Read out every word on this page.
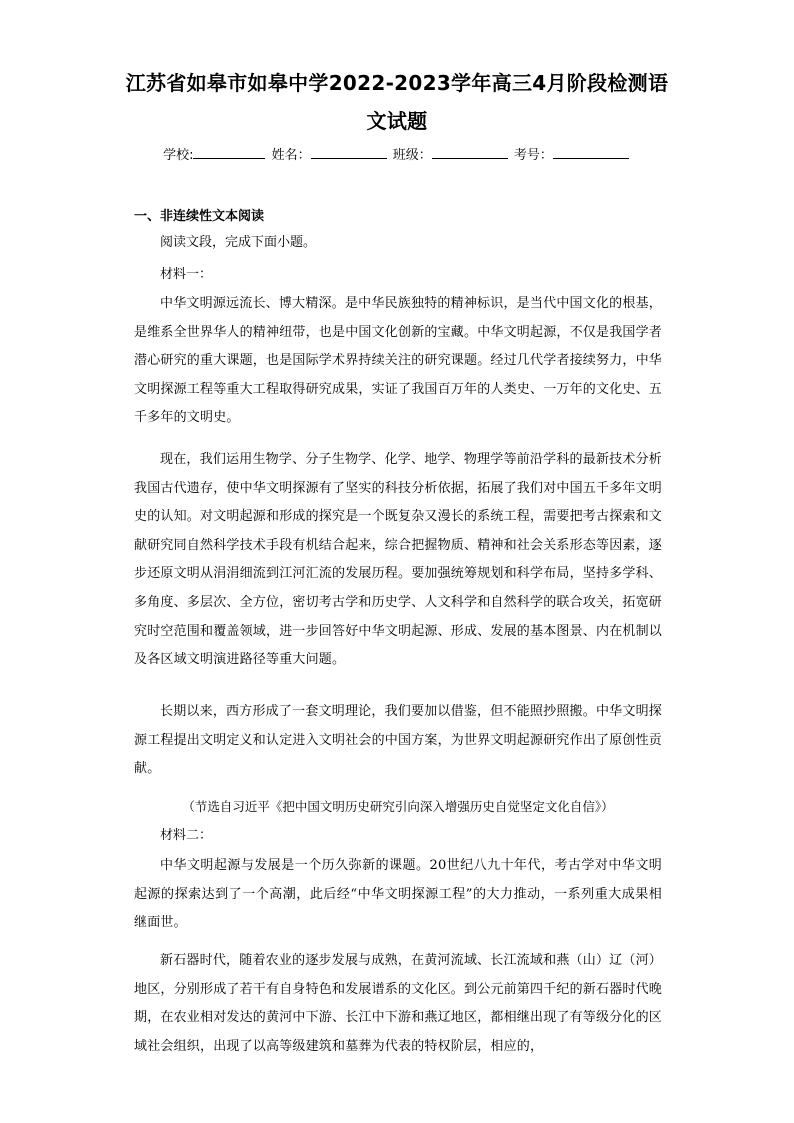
江苏省如皋市如皋中学2022-2023学年高三4月阶段检测语
文试题
学校:	姓名：	班级：	考号：
一、非连续性文本阅读
阅读文段，完成下面小题。
材料一：
中华文明源远流长、博大精深。是中华民族独特的精神标识，是当代中国文化的根基，是维系全世界华人的精神纽带，也是中国文化创新的宝藏。中华文明起源，不仅是我国学者潜心研究的重大课题，也是国际学术界持续关注的研究课题。经过几代学者接续努力，中华文明探源工程等重大工程取得研究成果，实证了我国百万年的人类史、一万年的文化史、五千多年的文明史。
现在，我们运用生物学、分子生物学、化学、地学、物理学等前沿学科的最新技术分析我国古代遗存，使中华文明探源有了坚实的科技分析依据，拓展了我们对中国五千多年文明史的认知。对文明起源和形成的探究是一个既复杂又漫长的系统工程，需要把考古探索和文献研究同自然科学技术手段有机结合起来，综合把握物质、精神和社会关系形态等因素，逐步还原文明从涓涓细流到江河汇流的发展历程。要加强统筹规划和科学布局，坚持多学科、多角度、多层次、全方位，密切考古学和历史学、人文科学和自然科学的联合攻关，拓宽研究时空范围和覆盖领域，进一步回答好中华文明起源、形成、发展的基本图景、内在机制以及各区域文明演进路径等重大问题。
长期以来，西方形成了一套文明理论，我们要加以借鉴，但不能照抄照搬。中华文明探源工程提出文明定义和认定进入文明社会的中国方案，为世界文明起源研究作出了原创性贡献。
（节选自习近平《把中国文明历史研究引向深入增强历史自觉坚定文化自信》）
材料二：
中华文明起源与发展是一个历久弥新的课题。20世纪八九十年代，考古学对中华文明起源的探索达到了一个高潮，此后经“中华文明探源工程”的大力推动，一系列重大成果相继面世。
新石器时代，随着农业的逐步发展与成熟，在黄河流域、长江流域和燕（山）辽（河）地区，分别形成了若干有自身特色和发展谱系的文化区。到公元前第四千纪的新石器时代晚期，在农业相对发达的黄河中下游、长江中下游和燕辽地区，都相继出现了有等级分化的区域社会组织，出现了以高等级建筑和墓葬为代表的特权阶层，相应的，
